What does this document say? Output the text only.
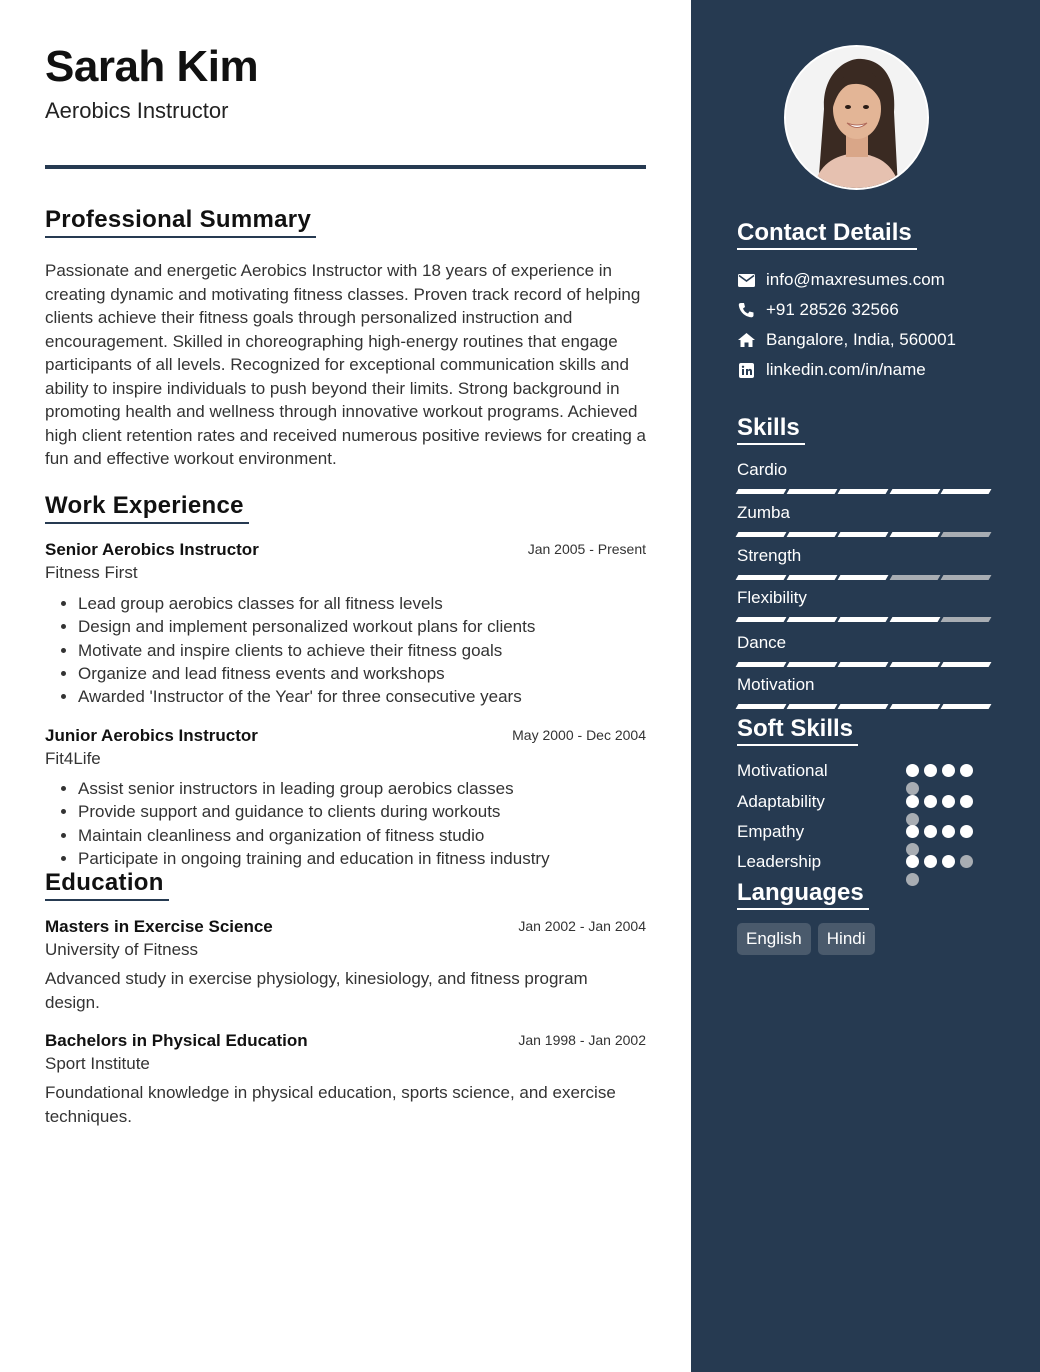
Sarah Kim
Aerobics Instructor
Professional Summary
Passionate and energetic Aerobics Instructor with 18 years of experience in creating dynamic and motivating fitness classes. Proven track record of helping clients achieve their fitness goals through personalized instruction and encouragement. Skilled in choreographing high-energy routines that engage participants of all levels. Recognized for exceptional communication skills and ability to inspire individuals to push beyond their limits. Strong background in promoting health and wellness through innovative workout programs. Achieved high client retention rates and received numerous positive reviews for creating a fun and effective workout environment.
Work Experience
Senior Aerobics Instructor	Jan 2005 - Present
Fitness First
• Lead group aerobics classes for all fitness levels
• Design and implement personalized workout plans for clients
• Motivate and inspire clients to achieve their fitness goals
• Organize and lead fitness events and workshops
• Awarded 'Instructor of the Year' for three consecutive years
Junior Aerobics Instructor	May 2000 - Dec 2004
Fit4Life
• Assist senior instructors in leading group aerobics classes
• Provide support and guidance to clients during workouts
• Maintain cleanliness and organization of fitness studio
• Participate in ongoing training and education in fitness industry
Education
Masters in Exercise Science	Jan 2002 - Jan 2004
University of Fitness
Advanced study in exercise physiology, kinesiology, and fitness program design.
Bachelors in Physical Education	Jan 1998 - Jan 2002
Sport Institute
Foundational knowledge in physical education, sports science, and exercise techniques.
Contact Details
info@maxresumes.com
+91 28526 32566
Bangalore, India, 560001
linkedin.com/in/name
Skills
Cardio
Zumba
Strength
Flexibility
Dance
Motivation
Soft Skills
Motivational
Adaptability
Empathy
Leadership
Languages
English	Hindi
